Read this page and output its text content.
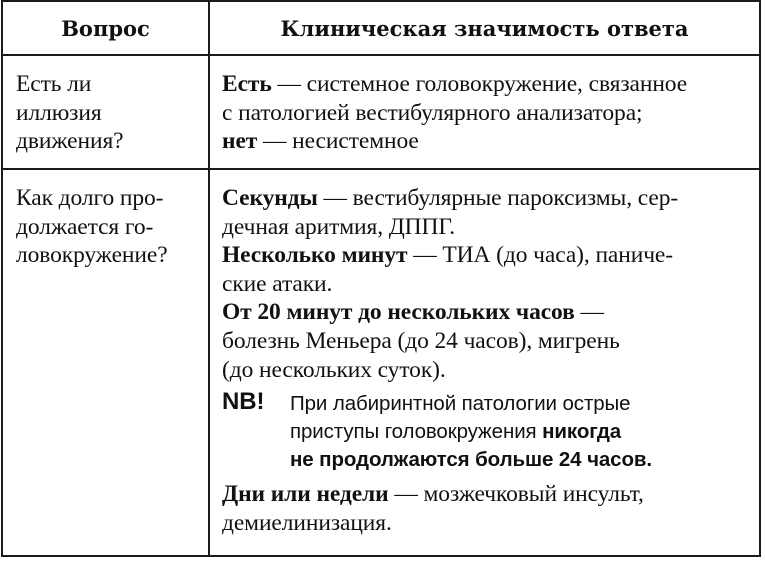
Вопрос	Клиническая значимость ответа
Есть ли
иллюзия
движения?
Есть — системное головокружение, связанное
с патологией вестибулярного анализатора;
нет — несистемное
Как долго про-
должается го-
ловокружение?
Секунды — вестибулярные пароксизмы, сер-
дечная аритмия, ДППГ.
Несколько минут — ТИА (до часа), паниче-
ские атаки.
От 20 минут до нескольких часов —
болезнь Меньера (до 24 часов), мигрень
(до нескольких суток).
NB! При лабиринтной патологии острые
приступы головокружения никогда
не продолжаются больше 24 часов.
Дни или недели — мозжечковый инсульт,
демиелинизация.
